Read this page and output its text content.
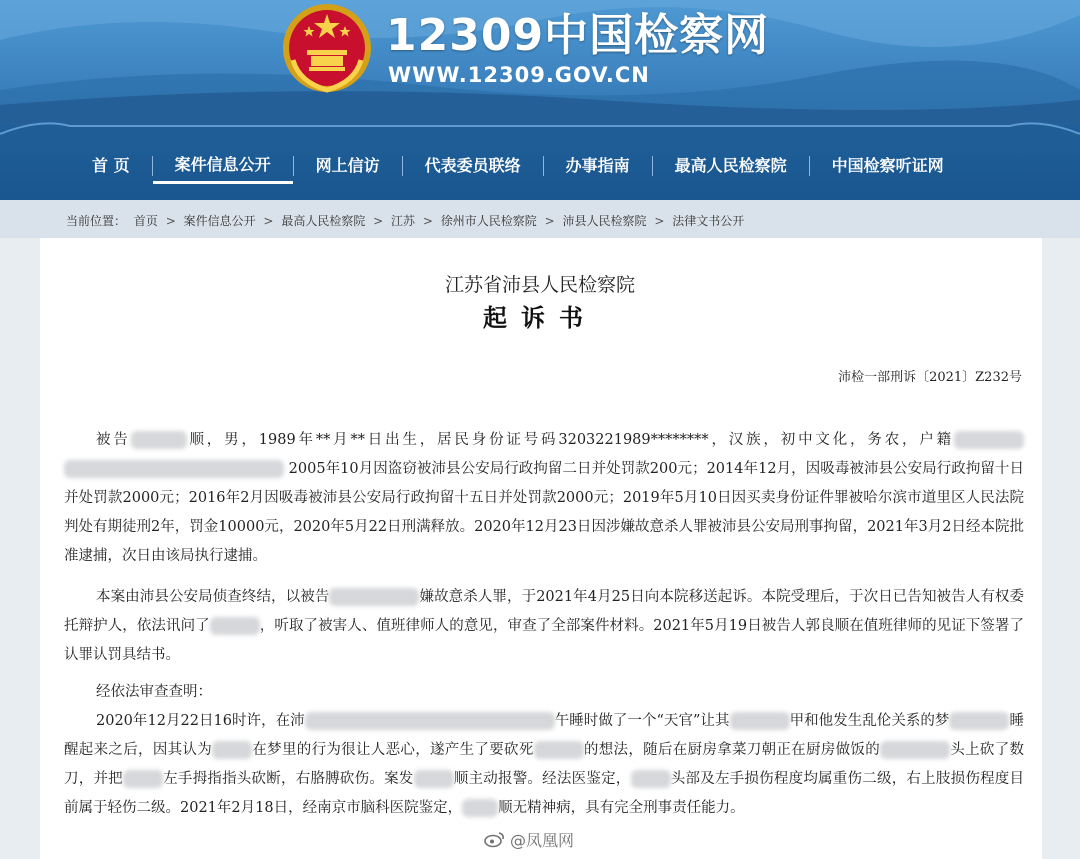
12309中国检察网
WWW.12309.GOV.CN
首 页	案件信息公开	网上信访	代表委员联络	办事指南	最高人民检察院	中国检察听证网
当前位置： 首页 > 案件信息公开 > 最高人民检察院 > 江苏 > 徐州市人民检察院 > 沛县人民检察院 > 法律文书公开
江苏省沛县人民检察院
起诉书
沛检一部刑诉〔2021〕Z232号

被告	顺，男，1989年**月**日出生，居民身份证号码3203221989********，汉族，初中文化，务农，户籍  2005年10月因盗窃被沛县公安局行政拘留二日并处罚款200元；2014年12月，因吸毒被沛县公安局行政拘留十日并处罚款2000元；2016年2月因吸毒被沛县公安局行政拘留十五日并处罚款2000元；2019年5月10日因买卖身份证件罪被哈尔滨市道里区人民法院判处有期徒刑2年，罚金10000元，2020年5月22日刑满释放。2020年12月23日因涉嫌故意杀人罪被沛县公安局刑事拘留，2021年3月2日经本院批准逮捕，次日由该局执行逮捕。

本案由沛县公安局侦查终结，以被告	嫌故意杀人罪，于2021年4月25日向本院移送起诉。本院受理后，于次日已告知被告人有权委托辩护人，依法讯问了	，听取了被害人、值班律师人的意见，审查了全部案件材料。2021年5月19日被告人郭良顺在值班律师的见证下签署了认罪认罚具结书。

经依法审查查明：

2020年12月22日16时许，在沛	午睡时做了一个“天官”让其	甲和他发生乱伦关系的梦	睡醒起来之后，因其认为	在梦里的行为很让人恶心，遂产生了要砍死	的想法，随后在厨房拿菜刀朝正在厨房做饭的	头上砍了数刀，并把	左手拇指指头砍断，右胳膊砍伤。案发	顺主动报警。经法医鉴定，	头部及左手损伤程度均属重伤二级，右上肢损伤程度目前属于轻伤二级。2021年2月18日，经南京市脑科医院鉴定， 顺无精神病，具有完全刑事责任能力。

@凤凰网
